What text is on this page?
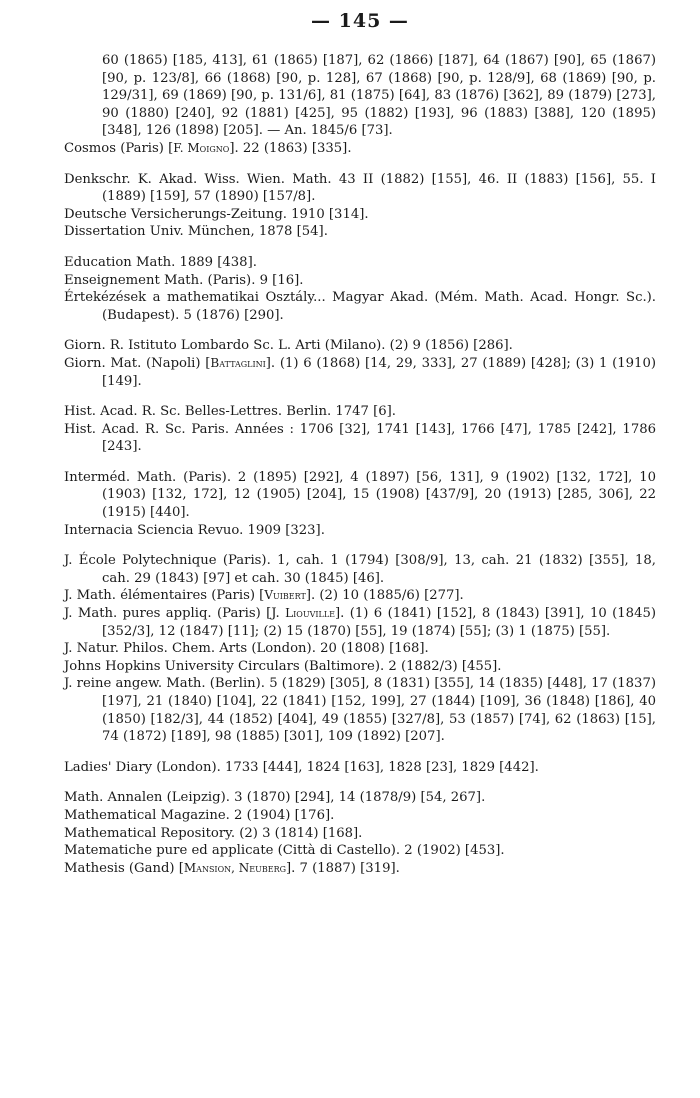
— 145 —

60 (1865) [185, 413], 61 (1865) [187], 62 (1866) [187], 64 (1867) [90], 65 (1867) [90, p. 123/8], 66 (1868) [90, p. 128], 67 (1868) [90, p. 128/9], 68 (1869) [90, p. 129/31], 69 (1869) [90, p. 131/6], 81 (1875) [64], 83 (1876) [362], 89 (1879) [273], 90 (1880) [240], 92 (1881) [425], 95 (1882) [193], 96 (1883) [388], 120 (1895) [348], 126 (1898) [205]. — An. 1845/6 [73].

Cosmos (Paris) [F. Moigno]. 22 (1863) [335].

Denkschr. K. Akad. Wiss. Wien. Math. 43 II (1882) [155], 46. II (1883) [156], 55. I (1889) [159], 57 (1890) [157/8].

Deutsche Versicherungs-Zeitung. 1910 [314].

Dissertation Univ. München, 1878 [54].

Education Math. 1889 [438].

Enseignement Math. (Paris). 9 [16].

Értekézések a mathematikai Osztály... Magyar Akad. (Mém. Math. Acad. Hongr. Sc.). (Budapest). 5 (1876) [290].

Giorn. R. Istituto Lombardo Sc. L. Arti (Milano). (2) 9 (1856) [286].

Giorn. Mat. (Napoli) [Battaglini]. (1) 6 (1868) [14, 29, 333], 27 (1889) [428]; (3) 1 (1910) [149].

Hist. Acad. R. Sc. Belles-Lettres. Berlin. 1747 [6].

Hist. Acad. R. Sc. Paris. Années : 1706 [32], 1741 [143], 1766 [47], 1785 [242], 1786 [243].

Interméd. Math. (Paris). 2 (1895) [292], 4 (1897) [56, 131], 9 (1902) [132, 172], 10 (1903) [132, 172], 12 (1905) [204], 15 (1908) [437/9], 20 (1913) [285, 306], 22 (1915) [440].

Internacia Sciencia Revuo. 1909 [323].

J. École Polytechnique (Paris). 1, cah. 1 (1794) [308/9], 13, cah. 21 (1832) [355], 18, cah. 29 (1843) [97] et cah. 30 (1845) [46].

J. Math. élémentaires (Paris) [Vuibert]. (2) 10 (1885/6) [277].

J. Math. pures appliq. (Paris) [J. Liouville]. (1) 6 (1841) [152], 8 (1843) [391], 10 (1845) [352/3], 12 (1847) [11]; (2) 15 (1870) [55], 19 (1874) [55]; (3) 1 (1875) [55].

J. Natur. Philos. Chem. Arts (London). 20 (1808) [168].

Johns Hopkins University Circulars (Baltimore). 2 (1882/3) [455].

J. reine angew. Math. (Berlin). 5 (1829) [305], 8 (1831) [355], 14 (1835) [448], 17 (1837) [197], 21 (1840) [104], 22 (1841) [152, 199], 27 (1844) [109], 36 (1848) [186], 40 (1850) [182/3], 44 (1852) [404], 49 (1855) [327/8], 53 (1857) [74], 62 (1863) [15], 74 (1872) [189], 98 (1885) [301], 109 (1892) [207].

Ladies' Diary (London). 1733 [444], 1824 [163], 1828 [23], 1829 [442].

Math. Annalen (Leipzig). 3 (1870) [294], 14 (1878/9) [54, 267].

Mathematical Magazine. 2 (1904) [176].

Mathematical Repository. (2) 3 (1814) [168].

Matematiche pure ed applicate (Città di Castello). 2 (1902) [453].

Mathesis (Gand) [Mansion, Neuberg]. 7 (1887) [319].
